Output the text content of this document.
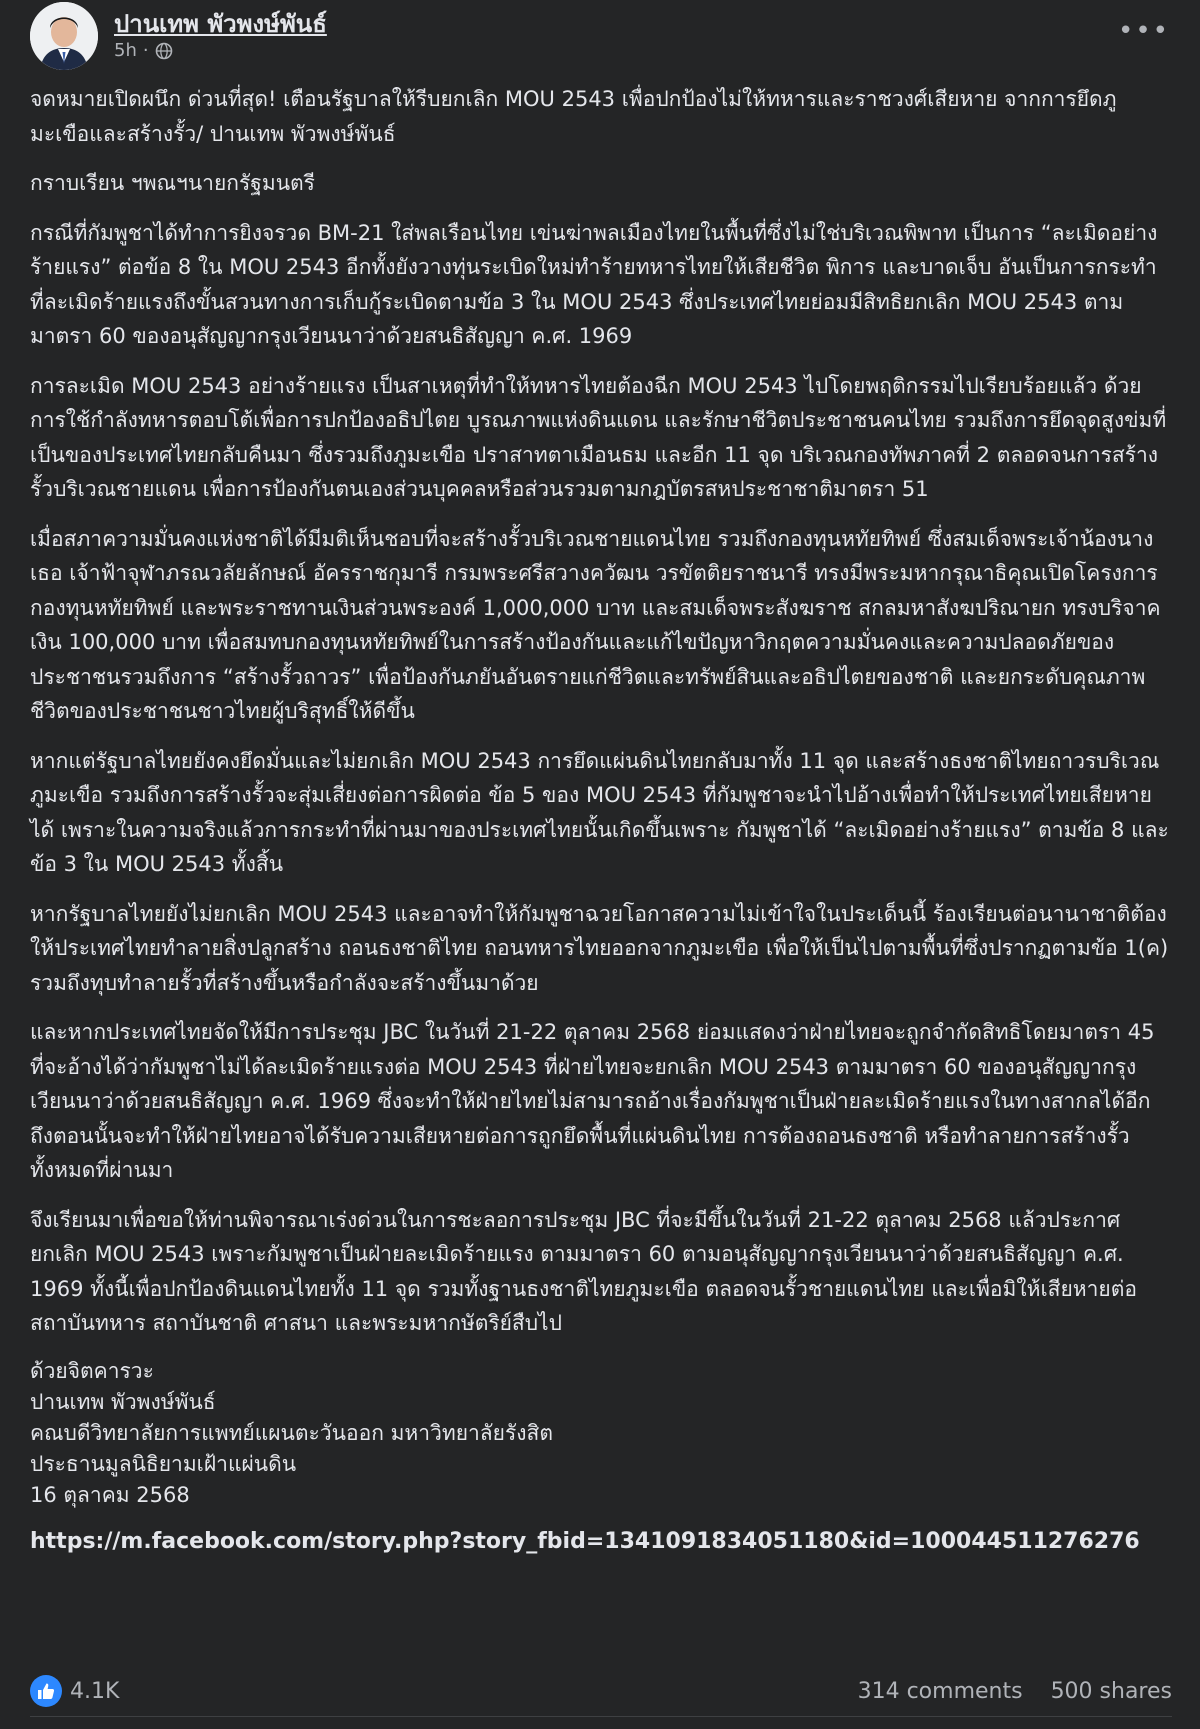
ปานเทพ พัวพงษ์พันธ์
5h ·
•••

จดหมายเปิดผนึก ด่วนที่สุด! เตือนรัฐบาลให้รีบยกเลิก MOU 2543 เพื่อปกป้องไม่ให้ทหารและราชวงศ์เสียหาย จากการยึดภูมะเขือและสร้างรั้ว/ ปานเทพ พัวพงษ์พันธ์

กราบเรียน ฯพณฯนายกรัฐมนตรี

กรณีที่กัมพูชาได้ทำการยิงจรวด BM-21 ใส่พลเรือนไทย เข่นฆ่าพลเมืองไทยในพื้นที่ซึ่งไม่ใช่บริเวณพิพาท เป็นการ “ละเมิดอย่างร้ายแรง” ต่อข้อ 8 ใน MOU 2543 อีกทั้งยังวางทุ่นระเบิดใหม่ทำร้ายทหารไทยให้เสียชีวิต พิการ และบาดเจ็บ อันเป็นการกระทำที่ละเมิดร้ายแรงถึงขั้นสวนทางการเก็บกู้ระเบิดตามข้อ 3 ใน MOU 2543 ซึ่งประเทศไทยย่อมมีสิทธิยกเลิก MOU 2543 ตามมาตรา 60 ของอนุสัญญากรุงเวียนนาว่าด้วยสนธิสัญญา ค.ศ. 1969

การละเมิด MOU 2543 อย่างร้ายแรง เป็นสาเหตุที่ทำให้ทหารไทยต้องฉีก MOU 2543 ไปโดยพฤติกรรมไปเรียบร้อยแล้ว ด้วยการใช้กำลังทหารตอบโต้เพื่อการปกป้องอธิปไตย บูรณภาพแห่งดินแดน และรักษาชีวิตประชาชนคนไทย รวมถึงการยึดจุดสูงข่มที่เป็นของประเทศไทยกลับคืนมา ซึ่งรวมถึงภูมะเขือ ปราสาทตาเมือนธม และอีก 11 จุด บริเวณกองทัพภาคที่ 2 ตลอดจนการสร้างรั้วบริเวณชายแดน เพื่อการป้องกันตนเองส่วนบุคคลหรือส่วนรวมตามกฎบัตรสหประชาชาติมาตรา 51

เมื่อสภาความมั่นคงแห่งชาติได้มีมติเห็นชอบที่จะสร้างรั้วบริเวณชายแดนไทย รวมถึงกองทุนหทัยทิพย์ ซึ่งสมเด็จพระเจ้าน้องนางเธอ เจ้าฟ้าจุฬาภรณวลัยลักษณ์ อัครราชกุมารี กรมพระศรีสวางควัฒน วรขัตติยราชนารี ทรงมีพระมหากรุณาธิคุณเปิดโครงการกองทุนหทัยทิพย์ และพระราชทานเงินส่วนพระองค์ 1,000,000 บาท และสมเด็จพระสังฆราช สกลมหาสังฆปริณายก ทรงบริจาคเงิน 100,000 บาท เพื่อสมทบกองทุนหทัยทิพย์ในการสร้างป้องกันและแก้ไขปัญหาวิกฤตความมั่นคงและความปลอดภัยของประชาชนรวมถึงการ “สร้างรั้วถาวร” เพื่อป้องกันภยันอันตรายแก่ชีวิตและทรัพย์สินและอธิปไตยของชาติ และยกระดับคุณภาพชีวิตของประชาชนชาวไทยผู้บริสุทธิ์ให้ดีขึ้น

หากแต่รัฐบาลไทยยังคงยึดมั่นและไม่ยกเลิก MOU 2543 การยึดแผ่นดินไทยกลับมาทั้ง 11 จุด และสร้างธงชาติไทยถาวรบริเวณภูมะเขือ รวมถึงการสร้างรั้วจะสุ่มเสี่ยงต่อการผิดต่อ ข้อ 5 ของ MOU 2543 ที่กัมพูชาจะนำไปอ้างเพื่อทำให้ประเทศไทยเสียหายได้ เพราะในความจริงแล้วการกระทำที่ผ่านมาของประเทศไทยนั้นเกิดขึ้นเพราะ กัมพูชาได้ “ละเมิดอย่างร้ายแรง” ตามข้อ 8 และข้อ 3 ใน MOU 2543 ทั้งสิ้น

หากรัฐบาลไทยยังไม่ยกเลิก MOU 2543 และอาจทำให้กัมพูชาฉวยโอกาสความไม่เข้าใจในประเด็นนี้ ร้องเรียนต่อนานาชาติต้องให้ประเทศไทยทำลายสิ่งปลูกสร้าง ถอนธงชาติไทย ถอนทหารไทยออกจากภูมะเขือ เพื่อให้เป็นไปตามพื้นที่ซึ่งปรากฏตามข้อ 1(ค) รวมถึงทุบทำลายรั้วที่สร้างขึ้นหรือกำลังจะสร้างขึ้นมาด้วย

และหากประเทศไทยจัดให้มีการประชุม JBC ในวันที่ 21-22 ตุลาคม 2568 ย่อมแสดงว่าฝ่ายไทยจะถูกจำกัดสิทธิโดยมาตรา 45 ที่จะอ้างได้ว่ากัมพูชาไม่ได้ละเมิดร้ายแรงต่อ MOU 2543 ที่ฝ่ายไทยจะยกเลิก MOU 2543 ตามมาตรา 60 ของอนุสัญญากรุงเวียนนาว่าด้วยสนธิสัญญา ค.ศ. 1969 ซึ่งจะทำให้ฝ่ายไทยไม่สามารถอ้างเรื่องกัมพูชาเป็นฝ่ายละเมิดร้ายแรงในทางสากลได้อีก ถึงตอนนั้นจะทำให้ฝ่ายไทยอาจได้รับความเสียหายต่อการถูกยึดพื้นที่แผ่นดินไทย การต้องถอนธงชาติ หรือทำลายการสร้างรั้วทั้งหมดที่ผ่านมา

จึงเรียนมาเพื่อขอให้ท่านพิจารณาเร่งด่วนในการชะลอการประชุม JBC ที่จะมีขึ้นในวันที่ 21-22 ตุลาคม 2568 แล้วประกาศยกเลิก MOU 2543 เพราะกัมพูชาเป็นฝ่ายละเมิดร้ายแรง ตามมาตรา 60 ตามอนุสัญญากรุงเวียนนาว่าด้วยสนธิสัญญา ค.ศ. 1969 ทั้งนี้เพื่อปกป้องดินแดนไทยทั้ง 11 จุด รวมทั้งฐานธงชาติไทยภูมะเขือ ตลอดจนรั้วชายแดนไทย และเพื่อมิให้เสียหายต่อสถาบันทหาร สถาบันชาติ ศาสนา และพระมหากษัตริย์สืบไป

ด้วยจิตคารวะ
ปานเทพ พัวพงษ์พันธ์
คณบดีวิทยาลัยการแพทย์แผนตะวันออก มหาวิทยาลัยรังสิต
ประธานมูลนิธิยามเฝ้าแผ่นดิน
16 ตุลาคม 2568
https://m.facebook.com/story.php?story_fbid=1341091834051180&id=100044511276276
4.1K	314 comments 500 shares
